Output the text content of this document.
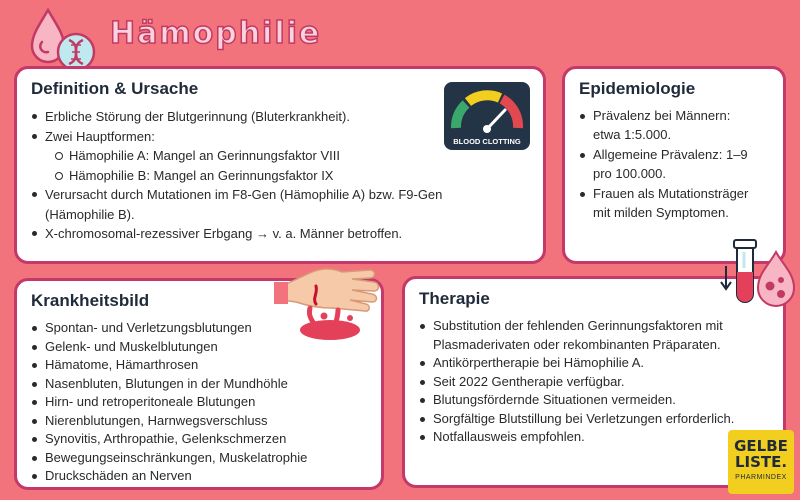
Hämophilie
Definition & Ursache
Erbliche Störung der Blutgerinnung (Bluterkrankheit).
Zwei Hauptformen:
Hämophilie A: Mangel an Gerinnungsfaktor VIII
Hämophilie B: Mangel an Gerinnungsfaktor IX
Verursacht durch Mutationen im F8-Gen (Hämophilie A) bzw. F9-Gen (Hämophilie B).
X-chromosomal-rezessiver Erbgang → v. a. Männer betroffen.
BLOOD CLOTTING
Epidemiologie
Prävalenz bei Männern: etwa 1:5.000.
Allgemeine Prävalenz: 1–9 pro 100.000.
Frauen als Mutationsträger mit milden Symptomen.
Krankheitsbild
Spontan- und Verletzungsblutungen
Gelenk- und Muskelblutungen
Hämatome, Hämarthrosen
Nasenbluten, Blutungen in der Mundhöhle
Hirn- und retroperitoneale Blutungen
Nierenblutungen, Harnwegsverschluss
Synovitis, Arthropathie, Gelenkschmerzen
Bewegungseinschränkungen, Muskelatrophie
Druckschäden an Nerven
Therapie
Substitution der fehlenden Gerinnungsfaktoren mit Plasmaderivaten oder rekombinanten Präparaten.
Antikörpertherapie bei Hämophilie A.
Seit 2022 Gentherapie verfügbar.
Blutungsfördernde Situationen vermeiden.
Sorgfältige Blutstillung bei Verletzungen erforderlich.
Notfallausweis empfohlen.
GELBE
LISTE.
PHARMINDEX
